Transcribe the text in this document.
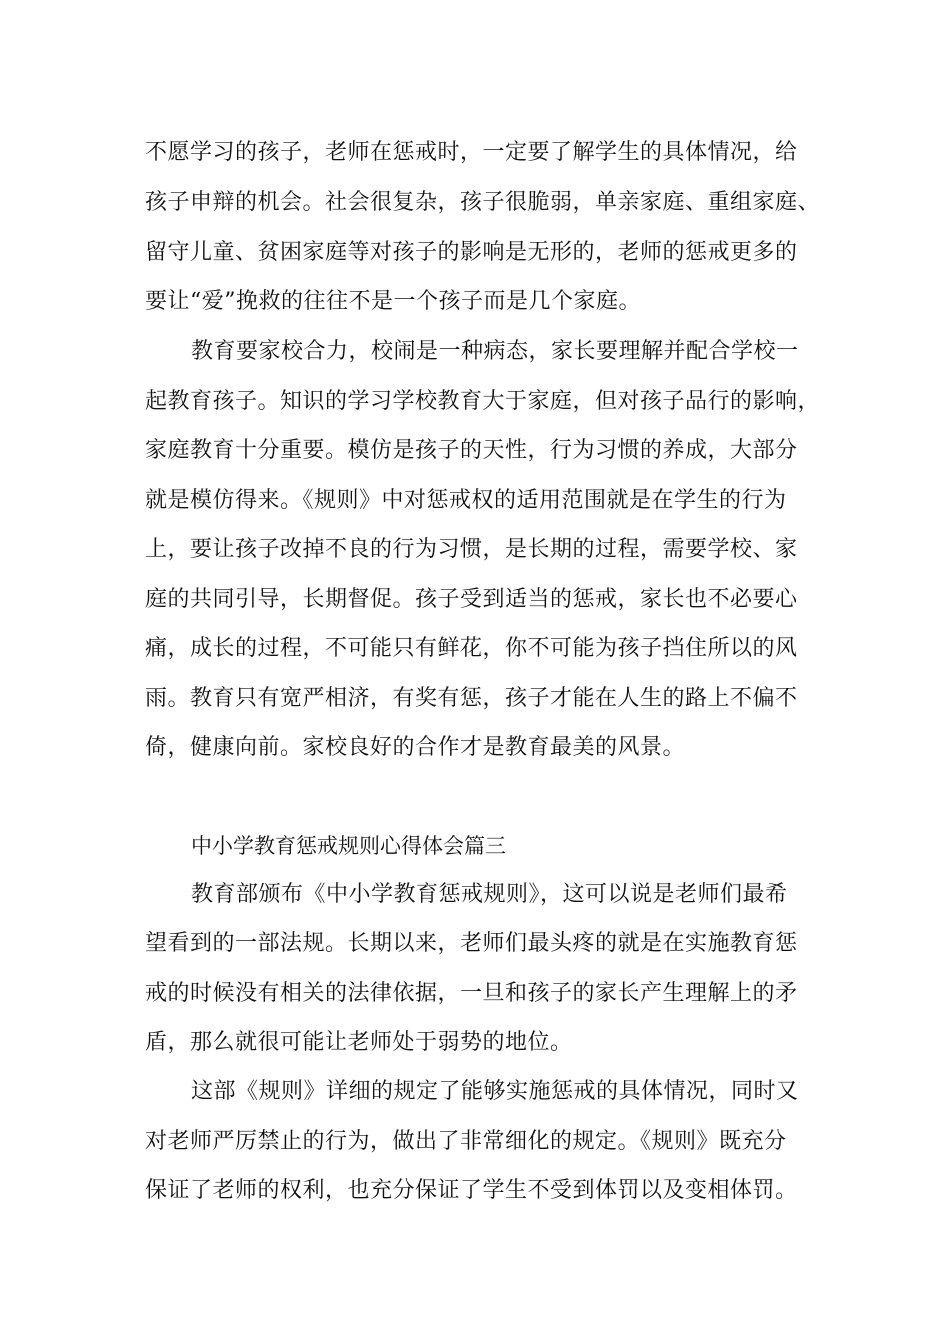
不愿学习的孩子，老师在惩戒时，一定要了解学生的具体情况，给
孩子申辩的机会。社会很复杂，孩子很脆弱，单亲家庭、重组家庭、
留守儿童、贫困家庭等对孩子的影响是无形的，老师的惩戒更多的
要让“爱”挽救的往往不是一个孩子而是几个家庭。
教育要家校合力，校闹是一种病态，家长要理解并配合学校一
起教育孩子。知识的学习学校教育大于家庭，但对孩子品行的影响，
家庭教育十分重要。模仿是孩子的天性，行为习惯的养成，大部分
就是模仿得来。《规则》中对惩戒权的适用范围就是在学生的行为
上，要让孩子改掉不良的行为习惯，是长期的过程，需要学校、家
庭的共同引导，长期督促。孩子受到适当的惩戒，家长也不必要心
痛，成长的过程，不可能只有鲜花，你不可能为孩子挡住所以的风
雨。教育只有宽严相济，有奖有惩，孩子才能在人生的路上不偏不
倚，健康向前。家校良好的合作才是教育最美的风景。
中小学教育惩戒规则心得体会篇三
教育部颁布《中小学教育惩戒规则》，这可以说是老师们最希
望看到的一部法规。长期以来，老师们最头疼的就是在实施教育惩
戒的时候没有相关的法律依据，一旦和孩子的家长产生理解上的矛
盾，那么就很可能让老师处于弱势的地位。
这部《规则》详细的规定了能够实施惩戒的具体情况，同时又
对老师严厉禁止的行为，做出了非常细化的规定。《规则》既充分
保证了老师的权利，也充分保证了学生不受到体罚以及变相体罚。
